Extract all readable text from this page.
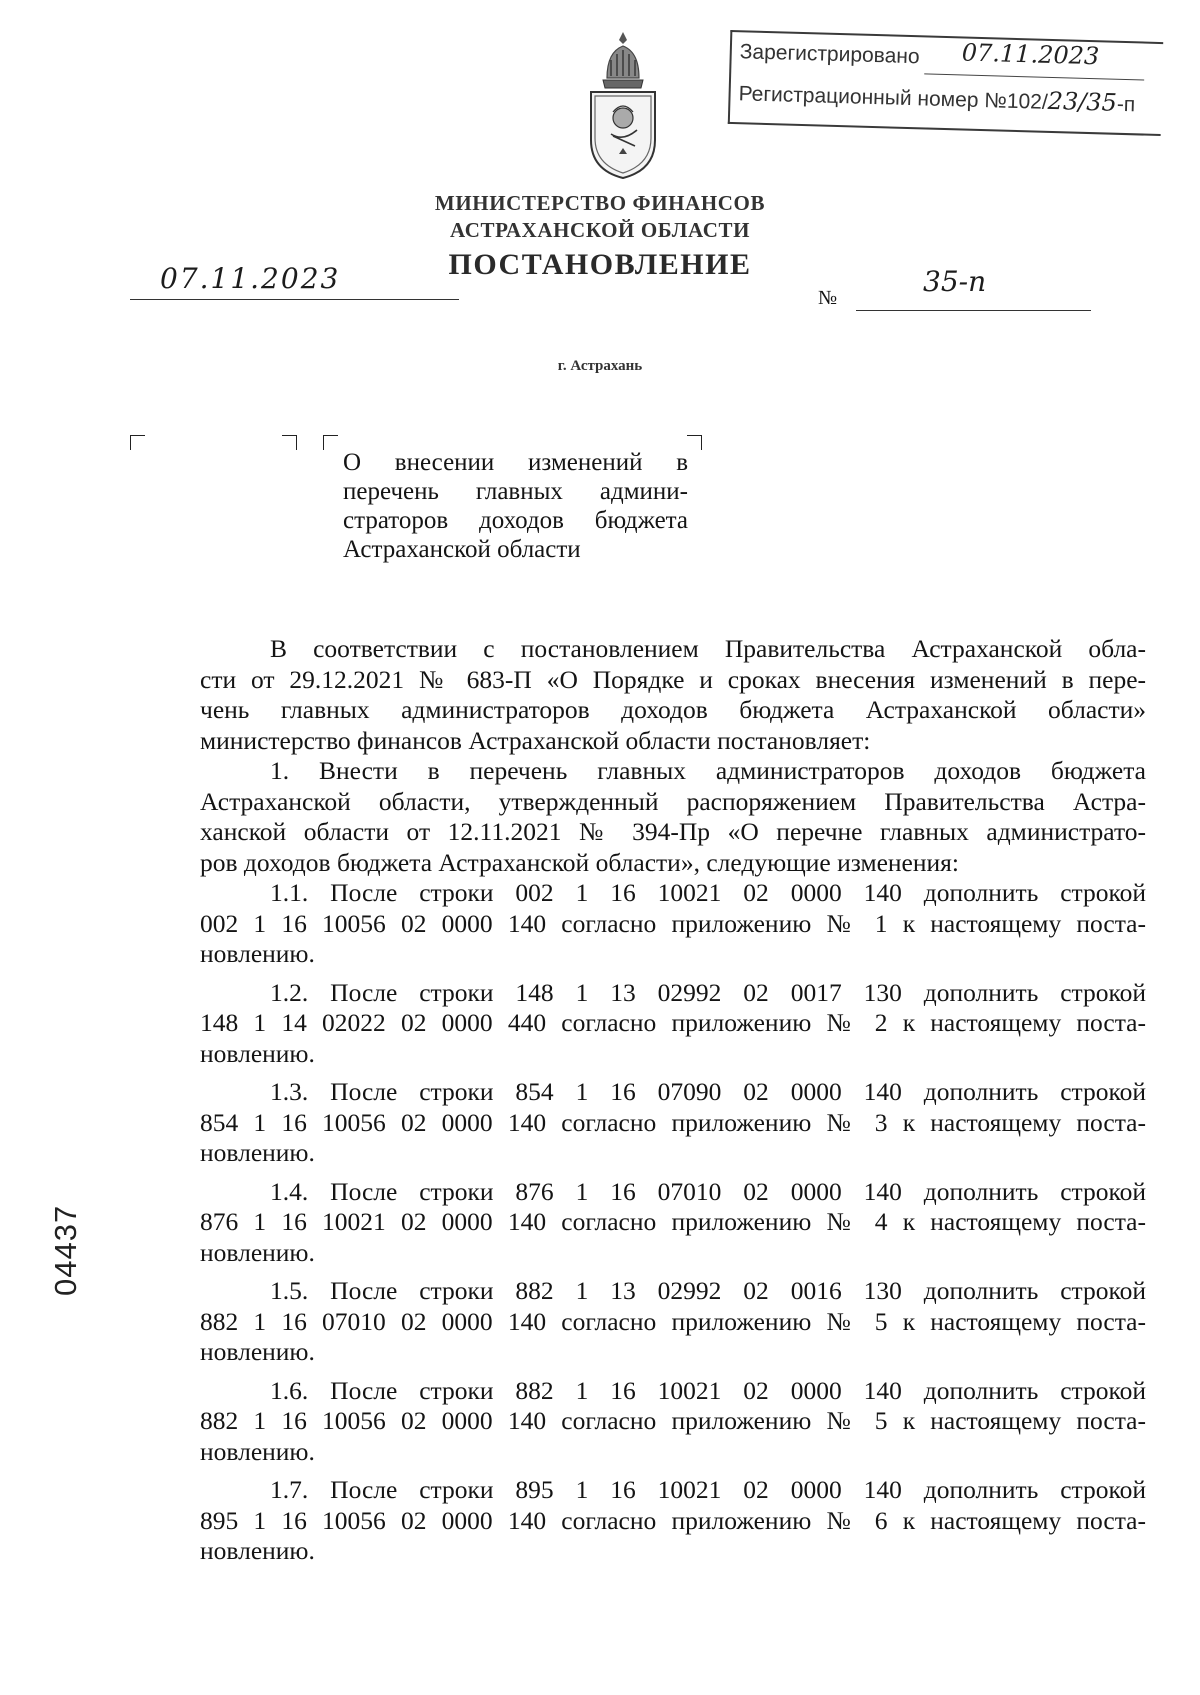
Зарегистрировано 07.11.2023
Регистрационный номер №102/23/35-п
МИНИСТЕРСТВО ФИНАНСОВ
АСТРАХАНСКОЙ ОБЛАСТИ
ПОСТАНОВЛЕНИЕ
07.11.2023
№	35-п
г. Астрахань
О внесении изменений в
перечень главных админи-
страторов доходов бюджета
Астраханской области
В соответствии с постановлением Правительства Астраханской обла-
сти от 29.12.2021 № 683-П «О Порядке и сроках внесения изменений в пере-
чень главных администраторов доходов бюджета Астраханской области»
министерство финансов Астраханской области постановляет:
1. Внести в перечень главных администраторов доходов бюджета
Астраханской области, утвержденный распоряжением Правительства Астра-
ханской области от 12.11.2021 № 394-Пр «О перечне главных администрато-
ров доходов бюджета Астраханской области», следующие изменения:
1.1. После строки 002 1 16 10021 02 0000 140 дополнить строкой
002 1 16 10056 02 0000 140 согласно приложению № 1 к настоящему поста-
новлению.
1.2. После строки 148 1 13 02992 02 0017 130 дополнить строкой
148 1 14 02022 02 0000 440 согласно приложению № 2 к настоящему поста-
новлению.
1.3. После строки 854 1 16 07090 02 0000 140 дополнить строкой
854 1 16 10056 02 0000 140 согласно приложению № 3 к настоящему поста-
новлению.
1.4. После строки 876 1 16 07010 02 0000 140 дополнить строкой
876 1 16 10021 02 0000 140 согласно приложению № 4 к настоящему поста-
новлению.
1.5. После строки 882 1 13 02992 02 0016 130 дополнить строкой
882 1 16 07010 02 0000 140 согласно приложению № 5 к настоящему поста-
новлению.
1.6. После строки 882 1 16 10021 02 0000 140 дополнить строкой
882 1 16 10056 02 0000 140 согласно приложению № 5 к настоящему поста-
новлению.
1.7. После строки 895 1 16 10021 02 0000 140 дополнить строкой
895 1 16 10056 02 0000 140 согласно приложению № 6 к настоящему поста-
новлению.
04437
